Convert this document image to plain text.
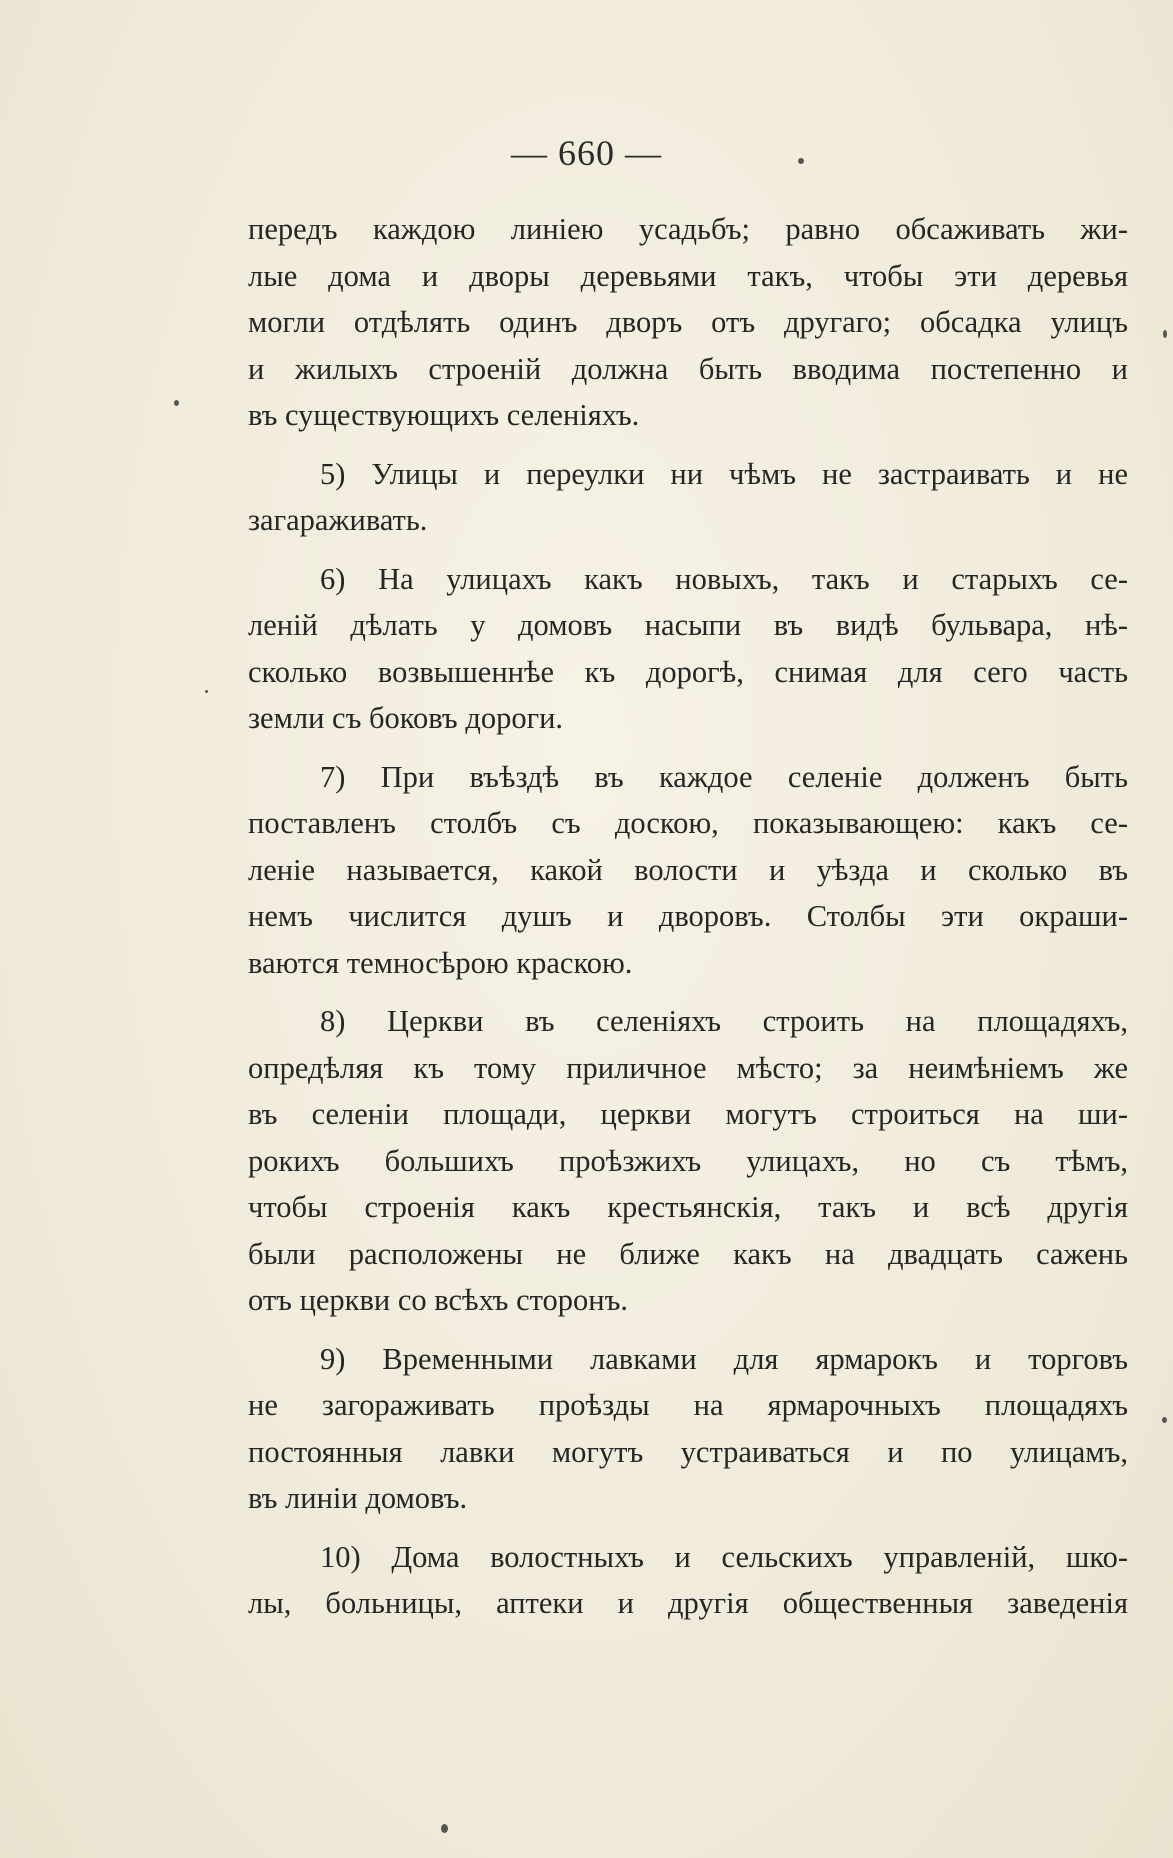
— 660 —

передъ каждою линіею усадьбъ; равно обсаживать жи-
лые дома и дворы деревьями такъ, чтобы эти деревья
могли отдѣлять одинъ дворъ отъ другаго; обсадка улицъ
и жилыхъ строеній должна быть вводима постепенно и
въ существующихъ селеніяхъ.

5) Улицы и переулки ни чѣмъ не застраивать и не
загараживать.

6) На улицахъ какъ новыхъ, такъ и старыхъ се-
леній дѣлать у домовъ насыпи въ видѣ бульвара, нѣ-
сколько возвышеннѣе къ дорогѣ, снимая для сего часть
земли съ боковъ дороги.

7) При въѣздѣ въ каждое селеніе долженъ быть
поставленъ столбъ съ доскою, показывающею: какъ се-
леніе называется, какой волости и уѣзда и сколько въ
немъ числится душъ и дворовъ. Столбы эти окраши-
ваются темносѣрою краскою.

8) Церкви въ селеніяхъ строить на площадяхъ,
опредѣляя къ тому приличное мѣсто; за неимѣніемъ же
въ селеніи площади, церкви могутъ строиться на ши-
рокихъ большихъ проѣзжихъ улицахъ, но съ тѣмъ,
чтобы строенія какъ крестьянскія, такъ и всѣ другія
были расположены не ближе какъ на двадцать сажень
отъ церкви со всѣхъ сторонъ.

9) Временными лавками для ярмарокъ и торговъ
не загораживать проѣзды на ярмарочныхъ площадяхъ
постоянныя лавки могутъ устраиваться и по улицамъ,
въ линіи домовъ.

10) Дома волостныхъ и сельскихъ управленій, шко-
лы, больницы, аптеки и другія общественныя заведенія
